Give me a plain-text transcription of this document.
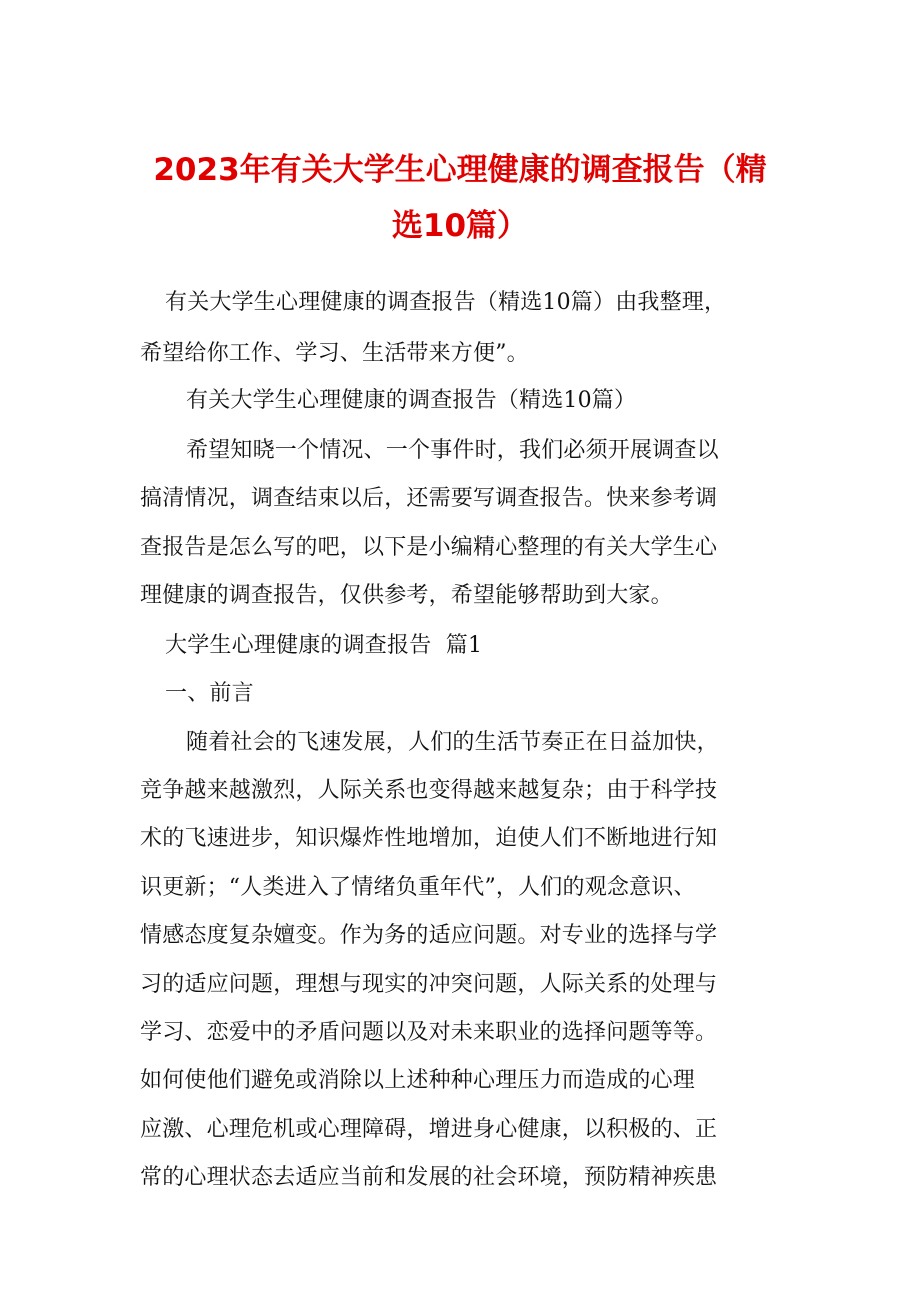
2023年有关大学生心理健康的调查报告（精
选10篇）
有关大学生心理健康的调查报告（精选10篇）由我整理，
希望给你工作、学习、生活带来方便”。
有关大学生心理健康的调查报告（精选10篇）
希望知晓一个情况、一个事件时，我们必须开展调查以
搞清情况，调查结束以后，还需要写调查报告。快来参考调
查报告是怎么写的吧，以下是小编精心整理的有关大学生心
理健康的调查报告，仅供参考，希望能够帮助到大家。
大学生心理健康的调查报告  篇1
一、前言
随着社会的飞速发展，人们的生活节奏正在日益加快，
竞争越来越激烈，人际关系也变得越来越复杂；由于科学技
术的飞速进步，知识爆炸性地增加，迫使人们不断地进行知
识更新；“人类进入了情绪负重年代”，人们的观念意识、
情感态度复杂嬗变。作为务的适应问题。对专业的选择与学
习的适应问题，理想与现实的冲突问题，人际关系的处理与
学习、恋爱中的矛盾问题以及对未来职业的选择问题等等。
如何使他们避免或消除以上述种种心理压力而造成的心理
应激、心理危机或心理障碍，增进身心健康，以积极的、正
常的心理状态去适应当前和发展的社会环境，预防精神疾患
